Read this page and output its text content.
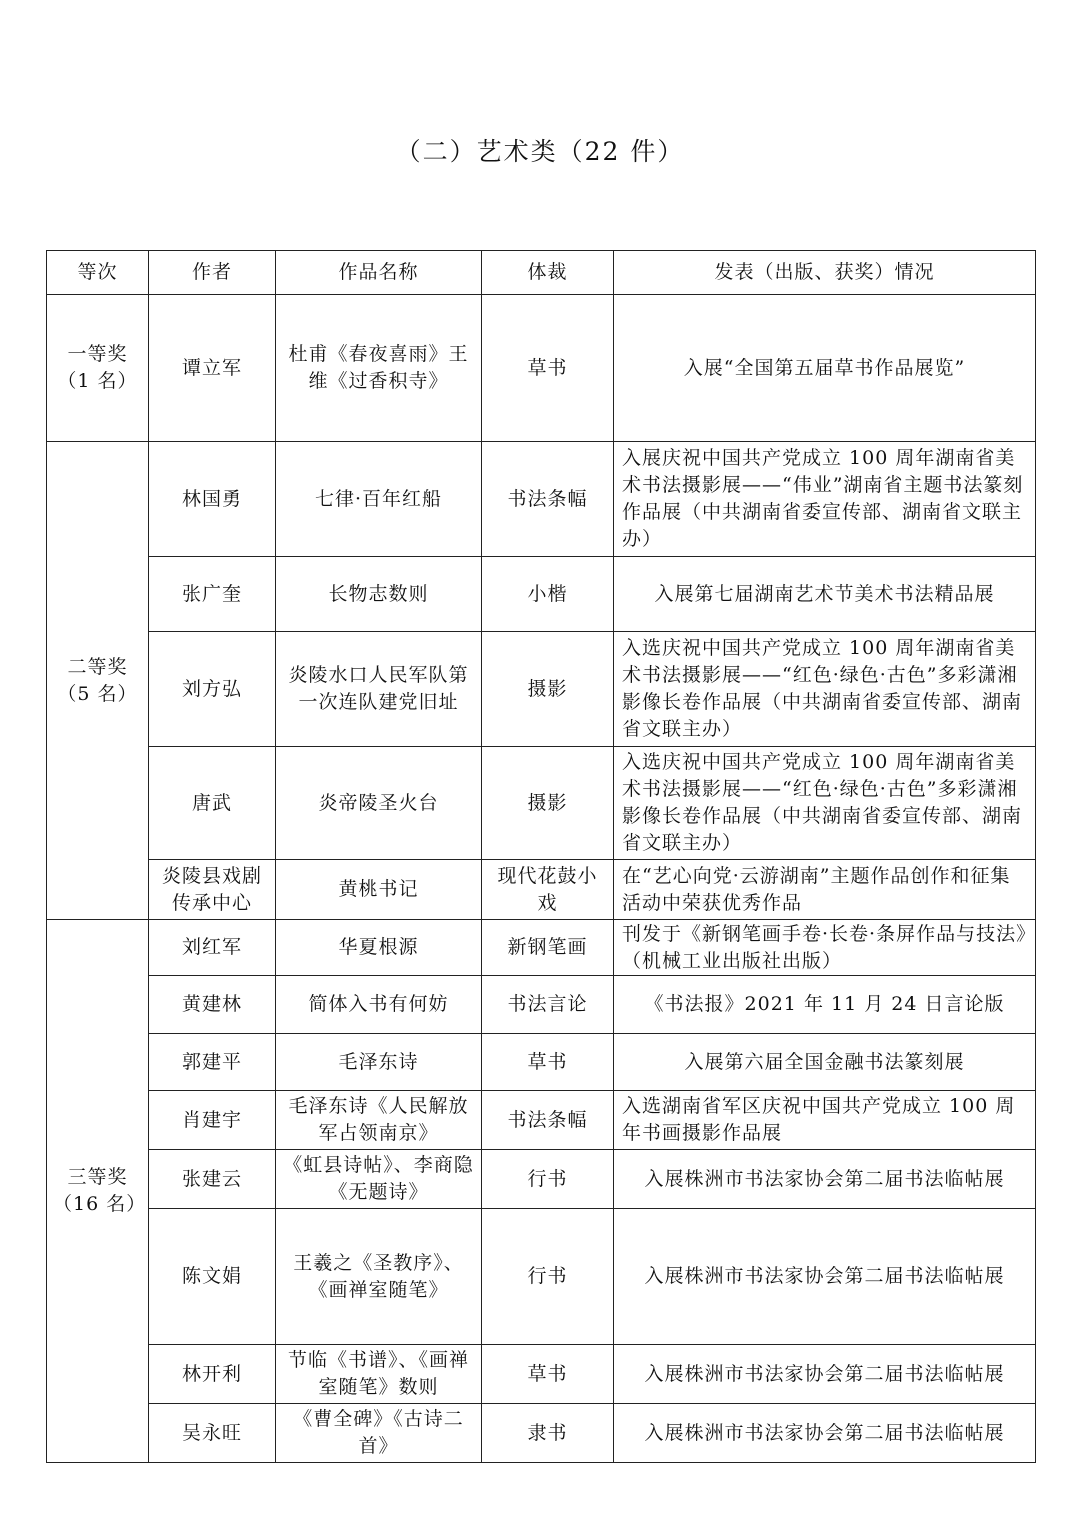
（二）艺术类（22 件）
等次	作者	作品名称	体裁	发表（出版、获奖）情况
一等奖
（1 名）	谭立军	杜甫《春夜喜雨》王维《过香积寺》	草书	入展“全国第五届草书作品展览”
二等奖
（5 名）	林国勇	七律·百年红船	书法条幅	入展庆祝中国共产党成立 100 周年湖南省美术书法摄影展——“伟业”湖南省主题书法篆刻作品展（中共湖南省委宣传部、湖南省文联主办）
	张广奎	长物志数则	小楷	入展第七届湖南艺术节美术书法精品展
	刘方弘	炎陵水口人民军队第一次连队建党旧址	摄影	入选庆祝中国共产党成立 100 周年湖南省美术书法摄影展——“红色·绿色·古色”多彩潇湘影像长卷作品展（中共湖南省委宣传部、湖南省文联主办）
	唐武	炎帝陵圣火台	摄影	入选庆祝中国共产党成立 100 周年湖南省美术书法摄影展——“红色·绿色·古色”多彩潇湘影像长卷作品展（中共湖南省委宣传部、湖南省文联主办）
	炎陵县戏剧传承中心	黄桃书记	现代花鼓小戏	在“艺心向党·云游湖南”主题作品创作和征集活动中荣获优秀作品
三等奖
（16 名）	刘红军	华夏根源	新钢笔画	刊发于《新钢笔画手卷·长卷·条屏作品与技法》（机械工业出版社出版）
	黄建林	简体入书有何妨	书法言论	《书法报》2021 年 11 月 24 日言论版
	郭建平	毛泽东诗	草书	入展第六届全国金融书法篆刻展
	肖建宇	毛泽东诗《人民解放军占领南京》	书法条幅	入选湖南省军区庆祝中国共产党成立 100 周年书画摄影作品展
	张建云	《虹县诗帖》、李商隐《无题诗》	行书	入展株洲市书法家协会第二届书法临帖展
	陈文娟	王羲之《圣教序》、《画禅室随笔》	行书	入展株洲市书法家协会第二届书法临帖展
	林开利	节临《书谱》、《画禅室随笔》数则	草书	入展株洲市书法家协会第二届书法临帖展
	吴永旺	《曹全碑》《古诗二首》	隶书	入展株洲市书法家协会第二届书法临帖展
